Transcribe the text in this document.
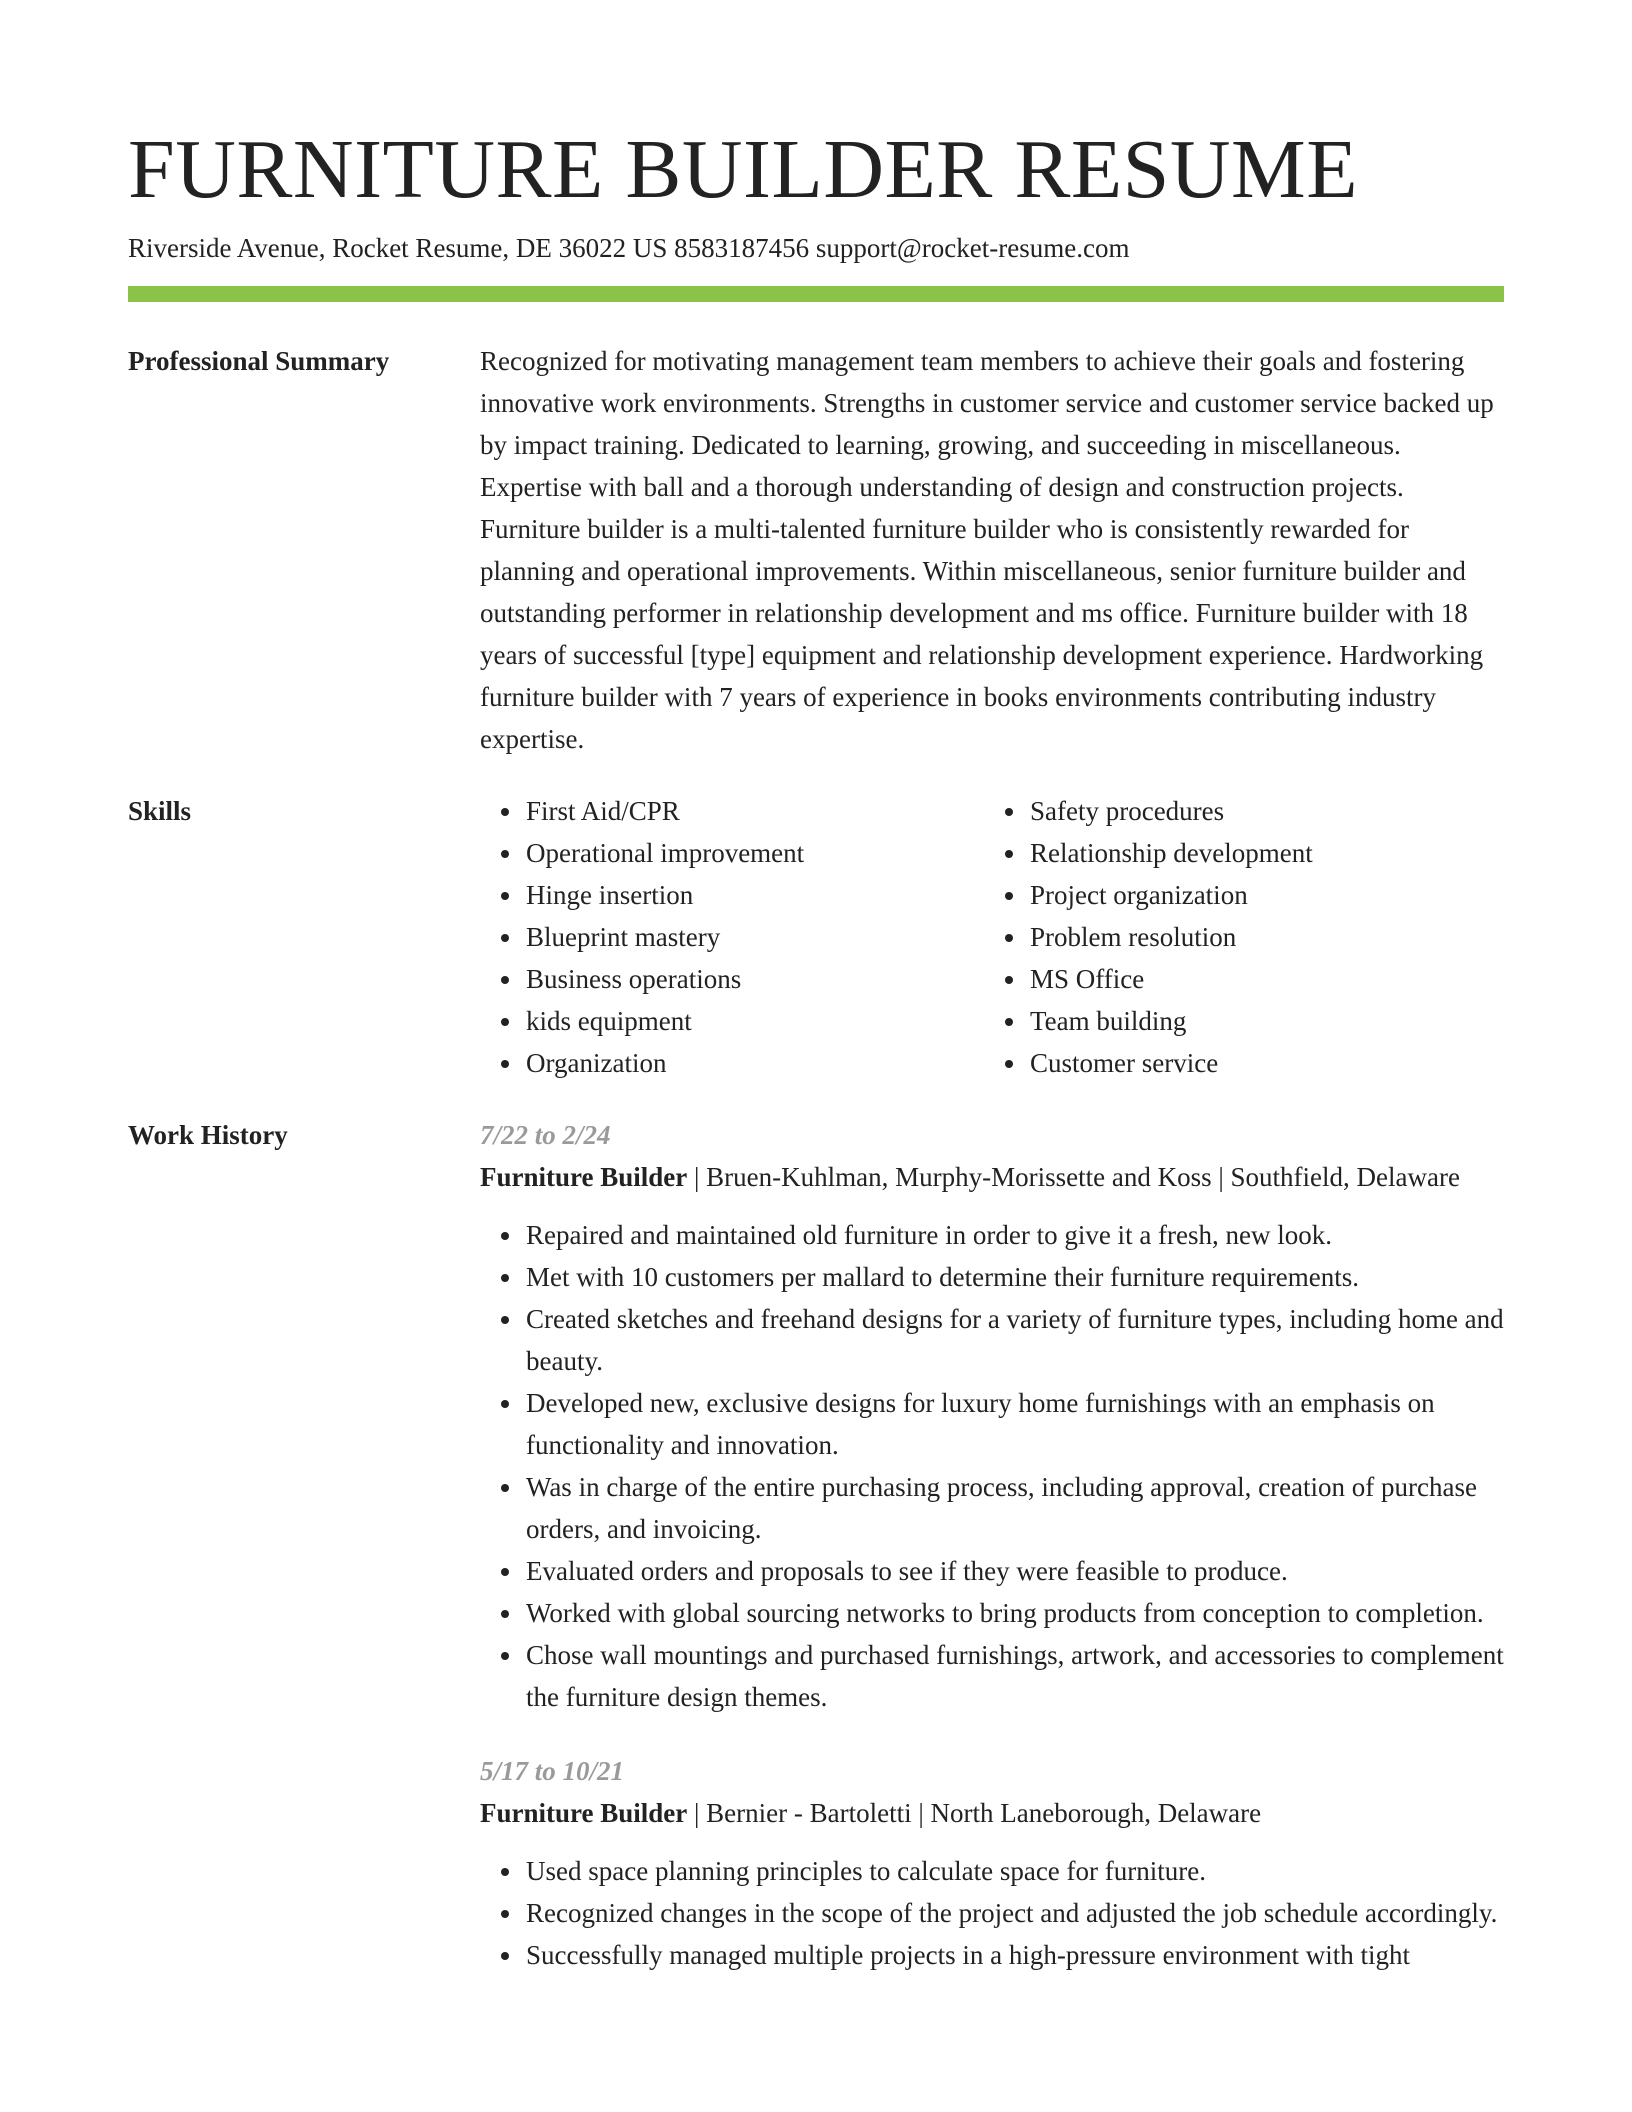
FURNITURE BUILDER RESUME
Riverside Avenue, Rocket Resume, DE 36022 US 8583187456 support@rocket-resume.com
Professional Summary	Recognized for motivating management team members to achieve their goals and fostering innovative work environments. Strengths in customer service and customer service backed up by impact training. Dedicated to learning, growing, and succeeding in miscellaneous. Expertise with ball and a thorough understanding of design and construction projects. Furniture builder is a multi-talented furniture builder who is consistently rewarded for planning and operational improvements. Within miscellaneous, senior furniture builder and outstanding performer in relationship development and ms office. Furniture builder with 18 years of successful [type] equipment and relationship development experience. Hardworking furniture builder with 7 years of experience in books environments contributing industry expertise.

Skills
•	First Aid/CPR
• Operational improvement
• Hinge insertion
• Blueprint mastery
• Business operations
• kids equipment
• Organization
• Safety procedures
• Relationship development
• Project organization
• Problem resolution
• MS Office
• Team building
• Customer service
Work History	7/22 to 2/24
Furniture Builder | Bruen-Kuhlman, Murphy-Morissette and Koss | Southfield, Delaware
• Repaired and maintained old furniture in order to give it a fresh, new look.
• Met with 10 customers per mallard to determine their furniture requirements.
• Created sketches and freehand designs for a variety of furniture types, including home and beauty.
• Developed new, exclusive designs for luxury home furnishings with an emphasis on functionality and innovation.
• Was in charge of the entire purchasing process, including approval, creation of purchase orders, and invoicing.
• Evaluated orders and proposals to see if they were feasible to produce.
• Worked with global sourcing networks to bring products from conception to completion.
• Chose wall mountings and purchased furnishings, artwork, and accessories to complement the furniture design themes.
5/17 to 10/21
Furniture Builder | Bernier - Bartoletti | North Laneborough, Delaware
• Used space planning principles to calculate space for furniture.
• Recognized changes in the scope of the project and adjusted the job schedule accordingly.
• Successfully managed multiple projects in a high-pressure environment with tight
